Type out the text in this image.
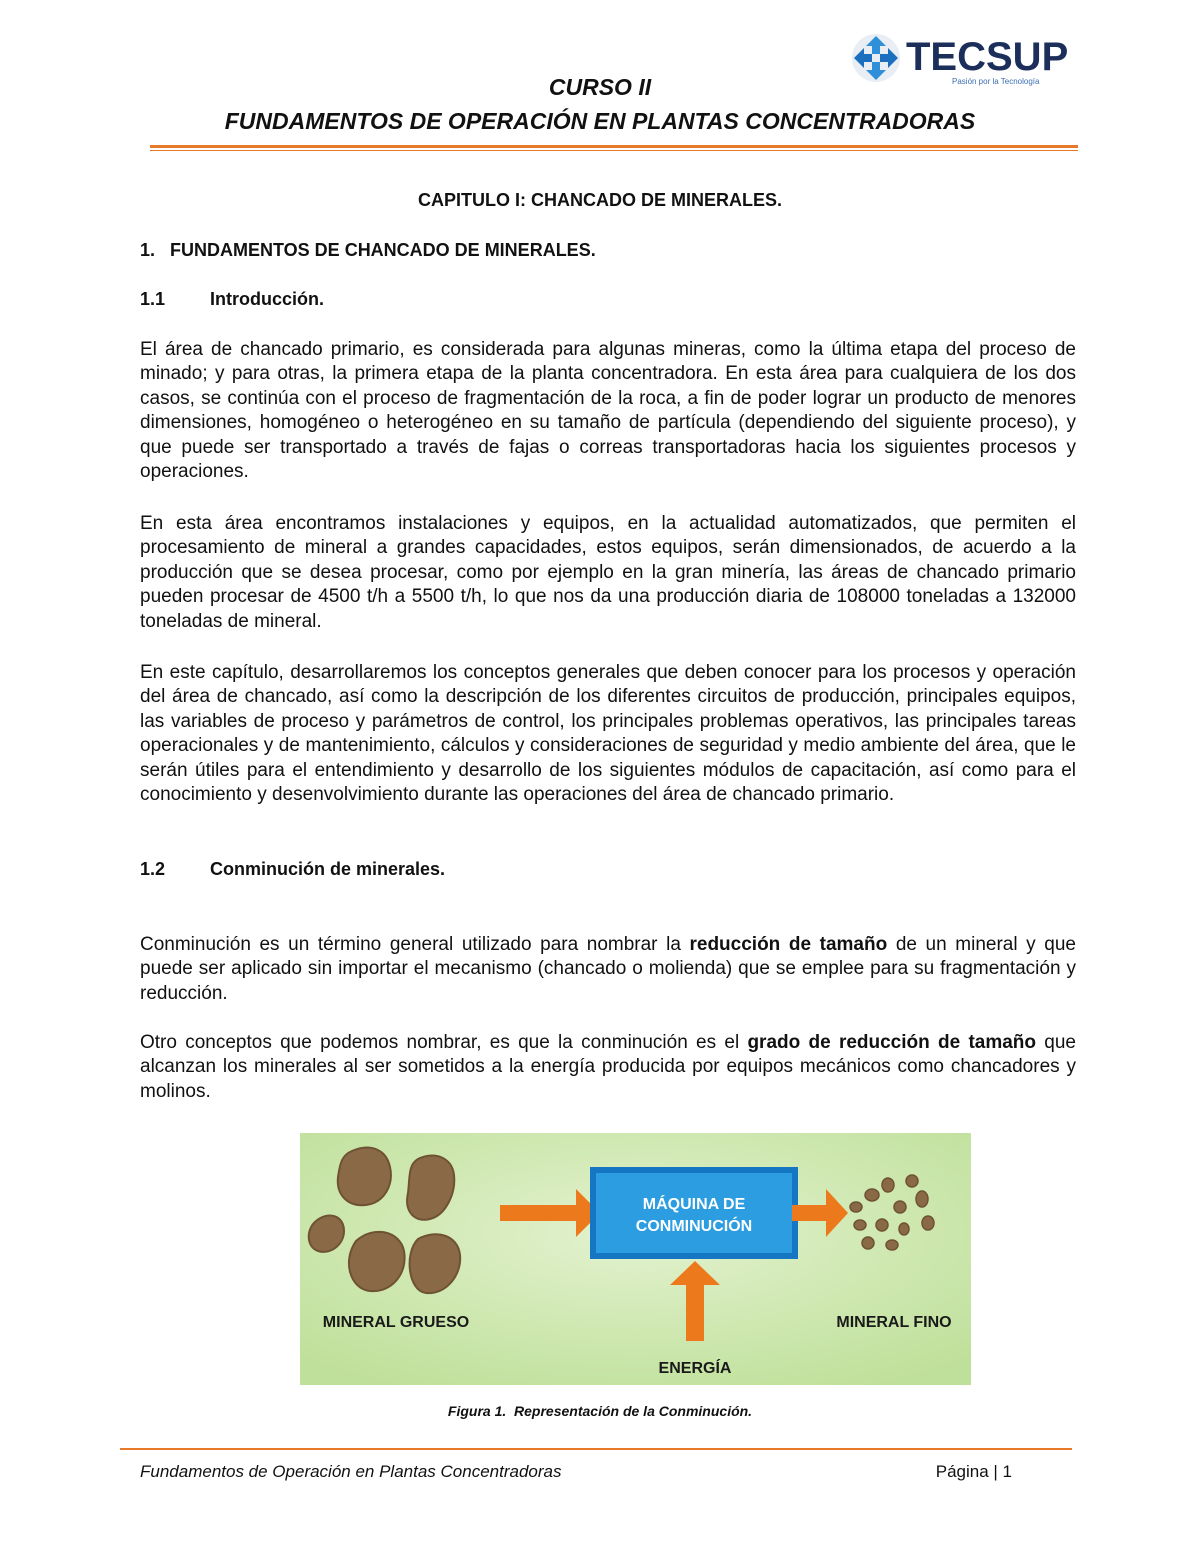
TECSUP
Pasión por la Tecnología
CURSO II
FUNDAMENTOS DE OPERACIÓN EN PLANTAS CONCENTRADORAS
CAPITULO I: CHANCADO DE MINERALES.
1.   FUNDAMENTOS DE CHANCADO DE MINERALES.
1.1 Introducción.

El área de chancado primario, es considerada para algunas mineras, como la última etapa del proceso de minado; y para otras, la primera etapa de la planta concentradora. En esta área para cualquiera de los dos casos, se continúa con el proceso de fragmentación de la roca, a fin de poder lograr un producto de menores dimensiones, homogéneo o heterogéneo en su tamaño de partícula (dependiendo del siguiente proceso), y que puede ser transportado a través de fajas o correas transportadoras hacia los siguientes procesos y operaciones.

En esta área encontramos instalaciones y equipos, en la actualidad automatizados, que permiten el procesamiento de mineral a grandes capacidades, estos equipos, serán dimensionados, de acuerdo a la producción que se desea procesar, como por ejemplo en la gran minería, las áreas de chancado primario pueden procesar de 4500 t/h a 5500 t/h, lo que nos da una producción diaria de 108000 toneladas a 132000 toneladas de mineral.

En este capítulo, desarrollaremos los conceptos generales que deben conocer para los procesos y operación del área de chancado, así como la descripción de los diferentes circuitos de producción, principales equipos, las variables de proceso y parámetros de control, los principales problemas operativos, las principales tareas operacionales y de mantenimiento, cálculos y consideraciones de seguridad y medio ambiente del área, que le serán útiles para el entendimiento y desarrollo de los siguientes módulos de capacitación, así como para el conocimiento y desenvolvimiento durante las operaciones del área de chancado primario.

1.2 Conminución de minerales.

Conminución es un término general utilizado para nombrar la reducción de tamaño de un mineral y que puede ser aplicado sin importar el mecanismo (chancado o molienda) que se emplee para su fragmentación y reducción.

Otro conceptos que podemos nombrar, es que la conminución es el grado de reducción de tamaño que alcanzan los minerales al ser sometidos a la energía producida por equipos mecánicos como chancadores y molinos.

MÁQUINA DE
CONMINUCIÓN
MINERAL GRUESO	MINERAL FINO
ENERGÍA
Figura 1.  Representación de la Conminución.
Fundamentos de Operación en Plantas Concentradoras	Página | 1
